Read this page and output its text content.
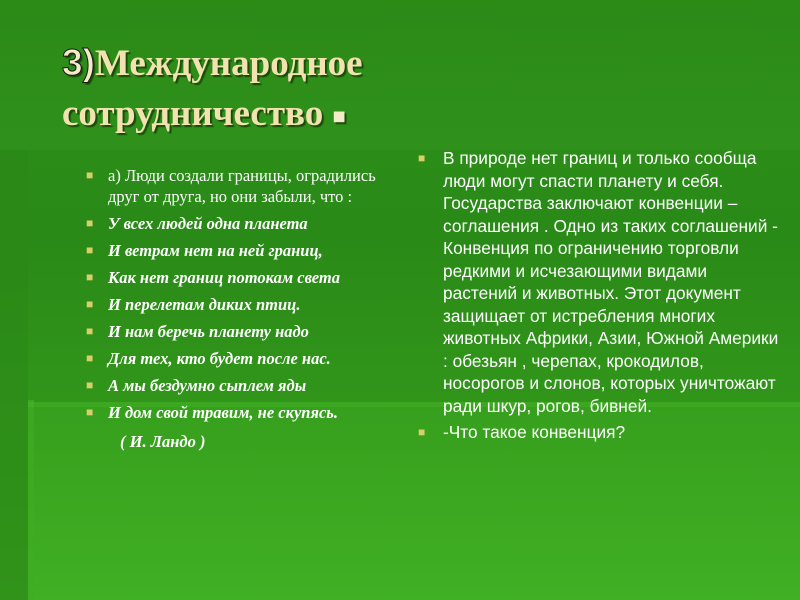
3)Международное сотрудничество ■
■ а) Люди создали границы, оградились друг от друга, но они забыли, что :
■ У всех людей одна планета
■ И ветрам нет на ней границ,
■ Как нет границ потокам света
■ И перелетам диких птиц.
■ И нам беречь планету надо
■ Для тех, кто будет после нас.
■ А мы бездумно сыплем яды
■ И дом свой травим, не скупясь.
( И. Ландо )
■ В природе нет границ и только сообща люди могут спасти планету и себя. Государства заключают конвенции – соглашения . Одно из таких соглашений - Конвенция по ограничению торговли редкими и исчезающими видами растений и животных. Этот документ защищает от истребления многих животных Африки, Азии, Южной Америки : обезьян , черепах, крокодилов, носорогов и слонов, которых уничтожают ради шкур, рогов, бивней.
■ -Что такое конвенция?
